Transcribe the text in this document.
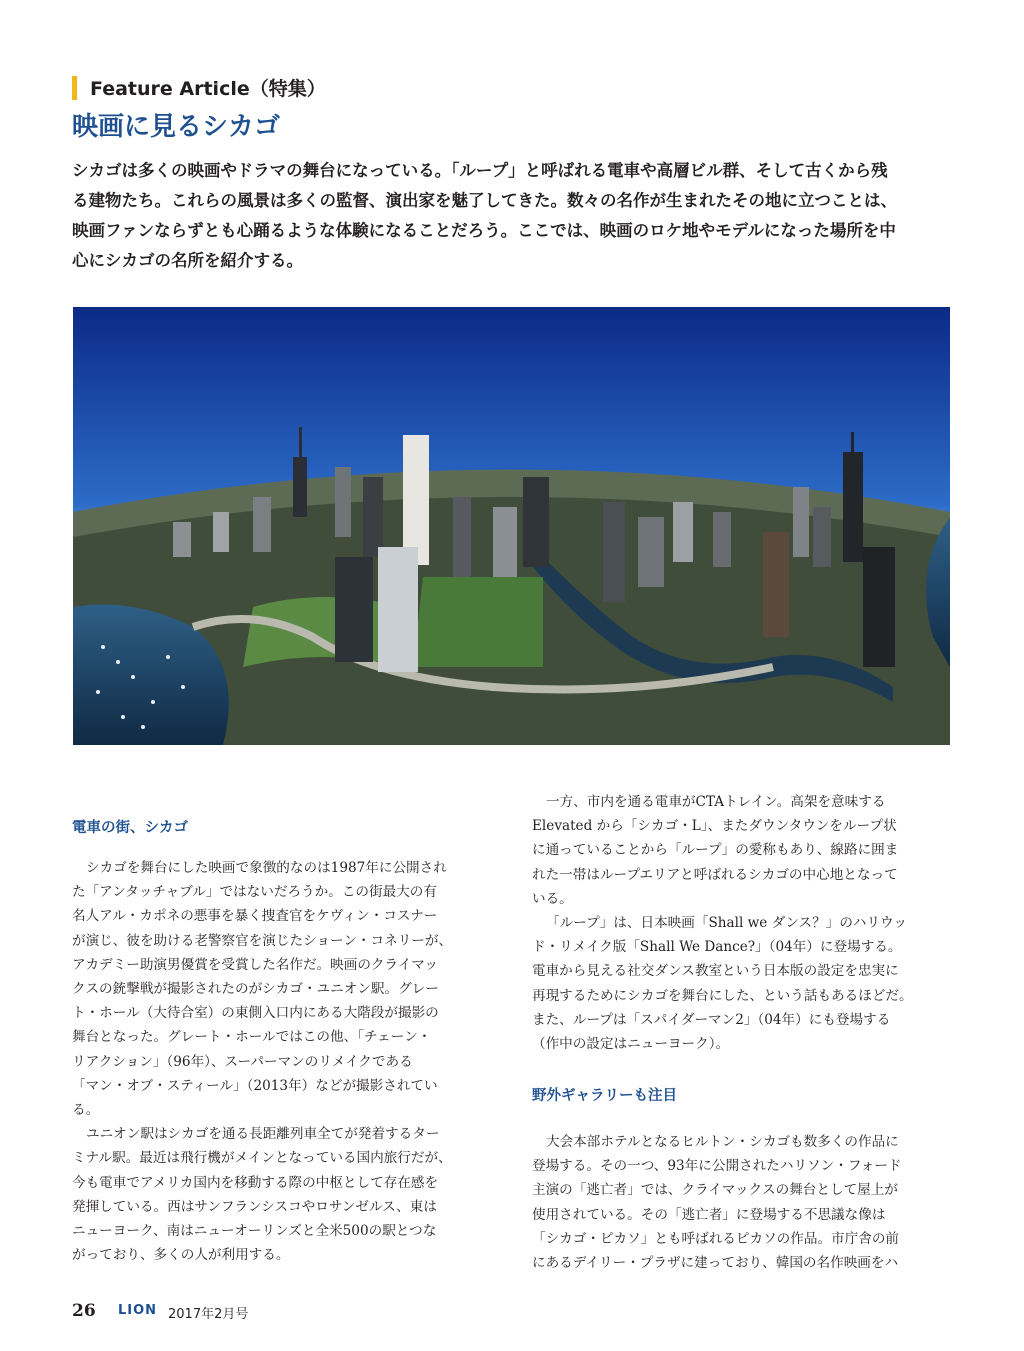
Feature Article（特集）
映画に見るシカゴ
シカゴは多くの映画やドラマの舞台になっている。「ループ」と呼ばれる電車や高層ビル群、そして古くから残
る建物たち。これらの風景は多くの監督、演出家を魅了してきた。数々の名作が生まれたその地に立つことは、
映画ファンならずとも心踊るような体験になることだろう。ここでは、映画のロケ地やモデルになった場所を中
心にシカゴの名所を紹介する。
電車の街、シカゴ
シカゴを舞台にした映画で象徴的なのは1987年に公開され
た「アンタッチャブル」ではないだろうか。この街最大の有
名人アル・カポネの悪事を暴く捜査官をケヴィン・コスナー
が演じ、彼を助ける老警察官を演じたショーン・コネリーが、
アカデミー助演男優賞を受賞した名作だ。映画のクライマッ
クスの銃撃戦が撮影されたのがシカゴ・ユニオン駅。グレー
ト・ホール（大待合室）の東側入口内にある大階段が撮影の
舞台となった。グレート・ホールではこの他、「チェーン・
リアクション」（96年）、スーパーマンのリメイクである
「マン・オブ・スティール」（2013年）などが撮影されてい
る。
ユニオン駅はシカゴを通る長距離列車全てが発着するター
ミナル駅。最近は飛行機がメインとなっている国内旅行だが、
今も電車でアメリカ国内を移動する際の中枢として存在感を
発揮している。西はサンフランシスコやロサンゼルス、東は
ニューヨーク、南はニューオーリンズと全米500の駅とつな
がっており、多くの人が利用する。
一方、市内を通る電車がCTAトレイン。高架を意味する
Elevated から「シカゴ・L」、またダウンタウンをループ状
に通っていることから「ループ」の愛称もあり、線路に囲ま
れた一帯はループエリアと呼ばれるシカゴの中心地となって
いる。
「ループ」は、日本映画「Shall we ダンス？」のハリウッ
ド・リメイク版「Shall We Dance?」（04年）に登場する。
電車から見える社交ダンス教室という日本版の設定を忠実に
再現するためにシカゴを舞台にした、という話もあるほどだ。
また、ループは「スパイダーマン2」（04年）にも登場する
（作中の設定はニューヨーク）。
野外ギャラリーも注目
大会本部ホテルとなるヒルトン・シカゴも数多くの作品に
登場する。その一つ、93年に公開されたハリソン・フォード
主演の「逃亡者」では、クライマックスの舞台として屋上が
使用されている。その「逃亡者」に登場する不思議な像は
「シカゴ・ピカソ」とも呼ばれるピカソの作品。市庁舎の前
にあるデイリー・プラザに建っており、韓国の名作映画をハ
26 LION 2017年2月号
